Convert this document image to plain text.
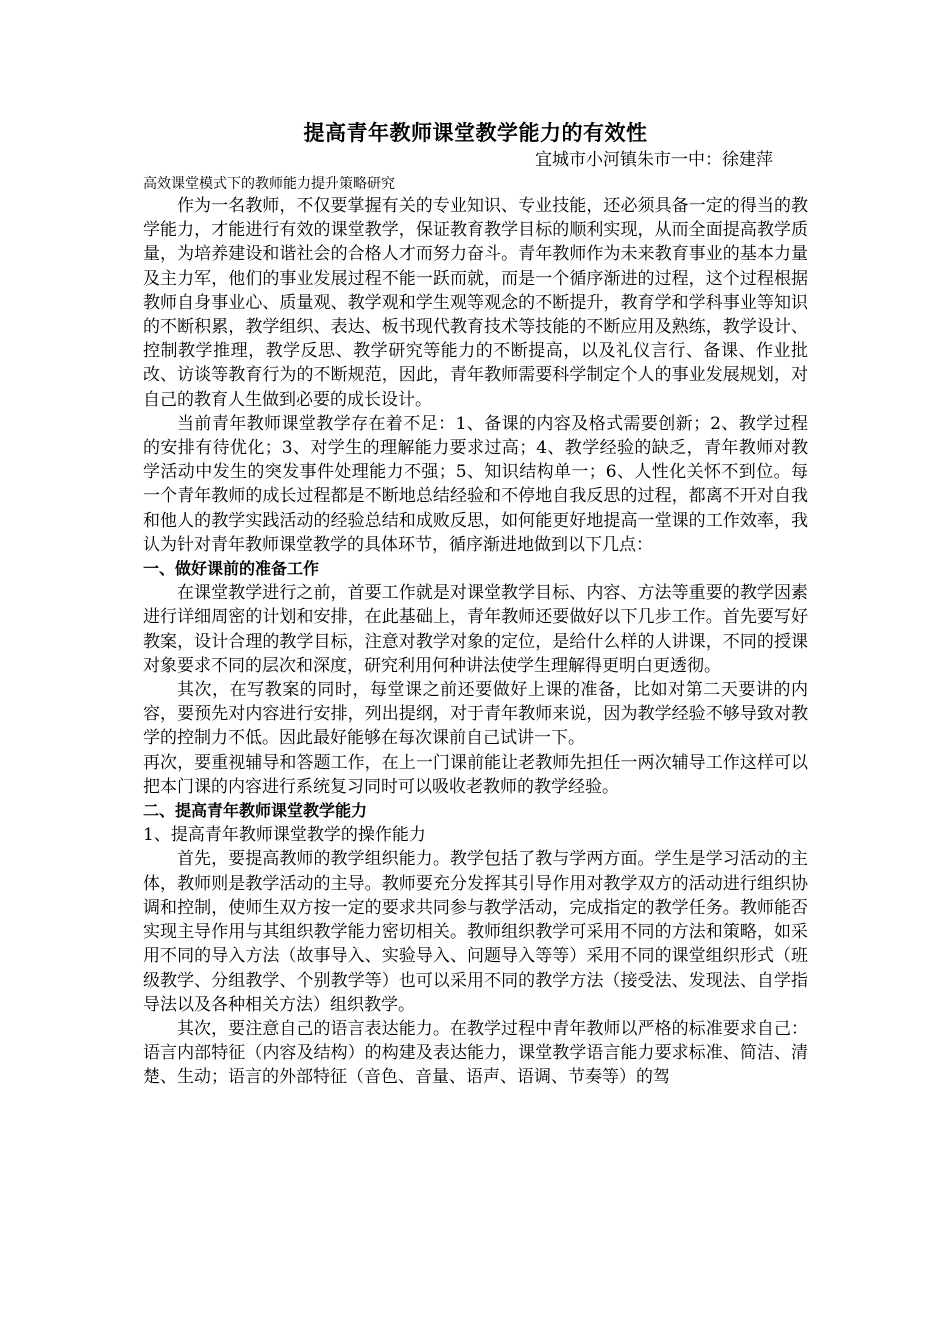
提高青年教师课堂教学能力的有效性

宜城市小河镇朱市一中：徐建萍

高效课堂模式下的教师能力提升策略研究

作为一名教师，不仅要掌握有关的专业知识、专业技能，还必须具备一定的得当的教学能力，才能进行有效的课堂教学，保证教育教学目标的顺利实现，从而全面提高教学质量，为培养建设和谐社会的合格人才而努力奋斗。青年教师作为未来教育事业的基本力量及主力军，他们的事业发展过程不能一跃而就，而是一个循序渐进的过程，这个过程根据教师自身事业心、质量观、教学观和学生观等观念的不断提升，教育学和学科事业等知识的不断积累，教学组织、表达、板书现代教育技术等技能的不断应用及熟练，教学设计、控制教学推理，教学反思、教学研究等能力的不断提高，以及礼仪言行、备课、作业批改、访谈等教育行为的不断规范，因此，青年教师需要科学制定个人的事业发展规划，对自己的教育人生做到必要的成长设计。

当前青年教师课堂教学存在着不足：1、备课的内容及格式需要创新；2、教学过程的安排有待优化；3、对学生的理解能力要求过高；4、教学经验的缺乏，青年教师对教学活动中发生的突发事件处理能力不强；5、知识结构单一；6、人性化关怀不到位。每一个青年教师的成长过程都是不断地总结经验和不停地自我反思的过程，都离不开对自我和他人的教学实践活动的经验总结和成败反思，如何能更好地提高一堂课的工作效率，我认为针对青年教师课堂教学的具体环节，循序渐进地做到以下几点：

一、做好课前的准备工作

在课堂教学进行之前，首要工作就是对课堂教学目标、内容、方法等重要的教学因素进行详细周密的计划和安排，在此基础上，青年教师还要做好以下几步工作。首先要写好教案，设计合理的教学目标，注意对教学对象的定位，是给什么样的人讲课，不同的授课对象要求不同的层次和深度，研究利用何种讲法使学生理解得更明白更透彻。

其次，在写教案的同时，每堂课之前还要做好上课的准备，比如对第二天要讲的内容，要预先对内容进行安排，列出提纲，对于青年教师来说，因为教学经验不够导致对教学的控制力不低。因此最好能够在每次课前自己试讲一下。

再次，要重视辅导和答题工作，在上一门课前能让老教师先担任一两次辅导工作这样可以把本门课的内容进行系统复习同时可以吸收老教师的教学经验。

二、提高青年教师课堂教学能力

1、提高青年教师课堂教学的操作能力

首先，要提高教师的教学组织能力。教学包括了教与学两方面。学生是学习活动的主体，教师则是教学活动的主导。教师要充分发挥其引导作用对教学双方的活动进行组织协调和控制，使师生双方按一定的要求共同参与教学活动，完成指定的教学任务。教师能否实现主导作用与其组织教学能力密切相关。教师组织教学可采用不同的方法和策略，如采用不同的导入方法（故事导入、实验导入、问题导入等等）采用不同的课堂组织形式（班级教学、分组教学、个别教学等）也可以采用不同的教学方法（接受法、发现法、自学指导法以及各种相关方法）组织教学。

其次，要注意自己的语言表达能力。在教学过程中青年教师以严格的标准要求自己：语言内部特征（内容及结构）的构建及表达能力，课堂教学语言能力要求标准、简洁、清楚、生动；语言的外部特征（音色、音量、语声、语调、节奏等）的驾
